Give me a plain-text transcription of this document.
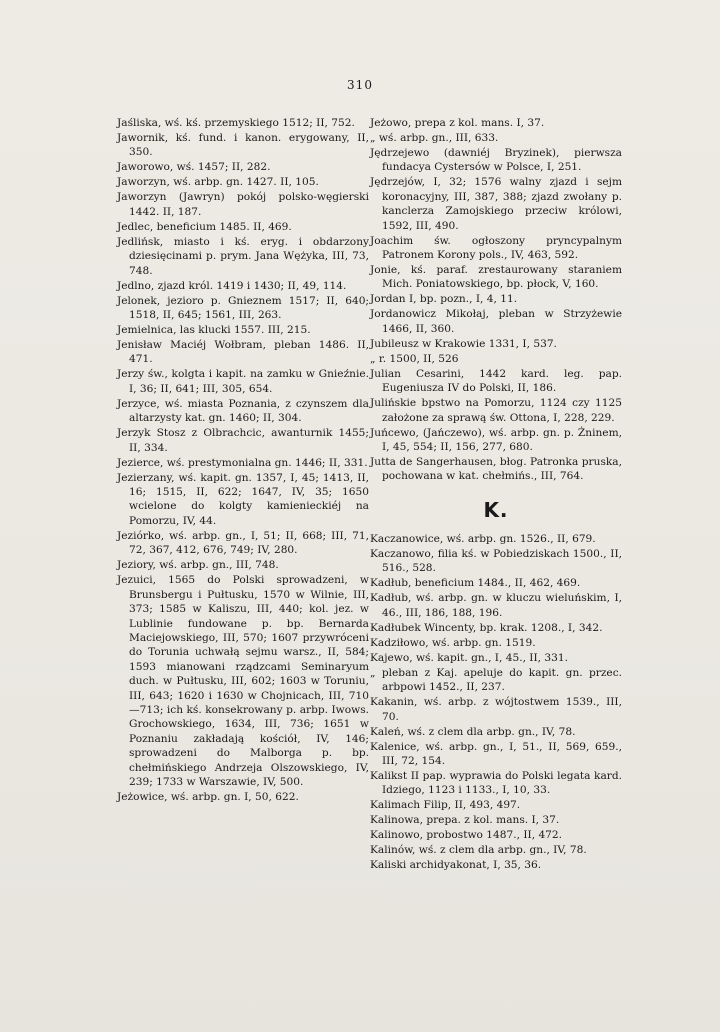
310

Jaśliska, wś. kś. przemyskiego 1512; II, 752.

Jawornik, kś. fund. i kanon. erygowany, II, 350.

Jaworowo, wś. 1457; II, 282.

Jaworzyn, wś. arbp. gn. 1427. II, 105.

Jaworzyn (Jawryn) pokój polsko-węgierski 1442. II, 187.

Jedlec, beneficium 1485. II, 469.

Jedlińsk, miasto i kś. eryg. i obdarzony dziesięcinami p. prym. Jana Wężyka, III, 73, 748.

Jedlno, zjazd król. 1419 i 1430; II, 49, 114.

Jelonek, jezioro p. Gnieznem 1517; II, 640; 1518, II, 645; 1561, III, 263.

Jemielnica, las klucki 1557. III, 215.

Jenisław Maciéj Wołbram, pleban 1486. II, 471.

Jerzy św., kolgta i kapit. na zamku w Gnieźnie. I, 36; II, 641; III, 305, 654.

Jerzyce, wś. miasta Poznania, z czynszem dla altarzysty kat. gn. 1460; II, 304.

Jerzyk Stosz z Olbrachcic, awanturnik 1455; II, 334.

Jezierce, wś. prestymonialna gn. 1446; II, 331.

Jezierzany, wś. kapit. gn. 1357, I, 45; 1413, II, 16; 1515, II, 622; 1647, IV, 35; 1650 wcielone do kolgty kamienieckiéj na Pomorzu, IV, 44.

Jeziórko, wś. arbp. gn., I, 51; II, 668; III, 71, 72, 367, 412, 676, 749; IV, 280.

Jeziory, wś. arbp. gn., III, 748.

Jezuici, 1565 do Polski sprowadzeni, w Brunsbergu i Pułtusku, 1570 w Wilnie, III, 373; 1585 w Kaliszu, III, 440; kol. jez. w Lublinie fundowane p. bp. Bernarda Maciejowskiego, III, 570; 1607 przywróceni do Torunia uchwałą sejmu warsz., II, 584; 1593 mianowani rządzcami Seminaryum duch. w Pułtusku, III, 602; 1603 w Toruniu, III, 643; 1620 i 1630 w Chojnicach, III, 710—713; ich kś. konsekrowany p. arbp. Iwows. Grochowskiego, 1634, III, 736; 1651 w Poznaniu zakładają kościół, IV, 146; sprowadzeni do Malborga p. bp. chełmińskiego Andrzeja Olszowskiego, IV, 239; 1733 w Warszawie, IV, 500.

Jeżowice, wś. arbp. gn. I, 50, 622.

Jeżowo, prepa z kol. mans. I, 37.

„ wś. arbp. gn., III, 633.

Jędrzejewo (dawniéj Bryzinek), pierwsza fundacya Cystersów w Polsce, I, 251.

Jędrzejów, I, 32; 1576 walny zjazd i sejm koronacyjny, III, 387, 388; zjazd zwołany p. kanclerza Zamojskiego przeciw królowi, 1592, III, 490.

Joachim św. ogłoszony pryncypalnym Patronem Korony pols., IV, 463, 592.

Jonie, kś. paraf. zrestaurowany staraniem Mich. Poniatowskiego, bp. płock, V, 160.

Jordan I, bp. pozn., I, 4, 11.

Jordanowicz Mikołaj, pleban w Strzyżewie 1466, II, 360.

Jubileusz w Krakowie 1331, I, 537.

„ r. 1500, II, 526

Julian Cesarini, 1442 kard. leg. pap. Eugeniusza IV do Polski, II, 186.

Julińskie bpstwo na Pomorzu, 1124 czy 1125 założone za sprawą św. Ottona, I, 228, 229.

Juńcewo, (Jańczewo), wś. arbp. gn. p. Żninem, I, 45, 554; II, 156, 277, 680.

Jutta de Sangerhausen, błog. Patronka pruska, pochowana w kat. chełmińs., III, 764.

K.

Kaczanowice, wś. arbp. gn. 1526., II, 679.

Kaczanowo, filia kś. w Pobiedziskach 1500., II, 516., 528.

Kadłub, beneficium 1484., II, 462, 469.

Kadłub, wś. arbp. gn. w kluczu wieluńskim, I, 46., III, 186, 188, 196.

Kadłubek Wincenty, bp. krak. 1208., I, 342.

Kadziłowo, wś. arbp. gn. 1519.

Kajewo, wś. kapit. gn., I, 45., II, 331.

„ pleban z Kaj. apeluje do kapit. gn. przec. arbpowi 1452., II, 237.

Kakanin, wś. arbp. z wójtostwem 1539., III, 70.

Kaleń, wś. z clem dla arbp. gn., IV, 78.

Kalenice, wś. arbp. gn., I, 51., II, 569, 659., III, 72, 154.

Kalikst II pap. wyprawia do Polski legata kard. Idziego, 1123 i 1133., I, 10, 33.

Kalimach Filip, II, 493, 497.

Kalinowa, prepa. z kol. mans. I, 37.

Kalinowo, probostwo 1487., II, 472.

Kalinów, wś. z clem dla arbp. gn., IV, 78.

Kaliski archidyakonat, I, 35, 36.
